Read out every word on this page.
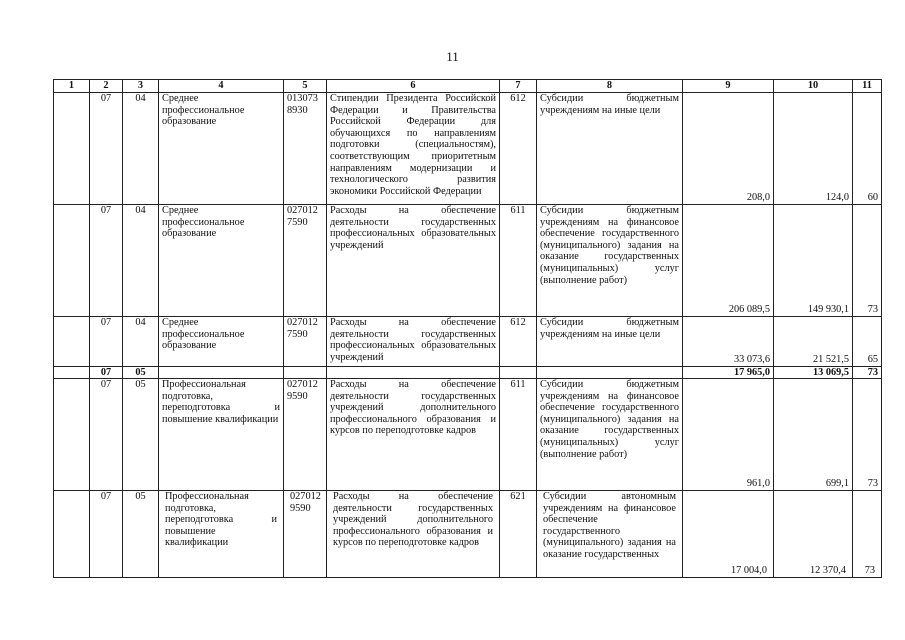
11
1	2	3	4	5	6	7	8	9	10	11
	07	04	Среднее профессиональное образование	013073 8930	Стипендии Президента Российской Федерации и Правительства Российской Федерации для обучающихся по направлениям подготовки (специальностям), соответствующим приоритетным направлениям модернизации и технологического развития экономики Российской Федерации	612	Субсидии бюджетным учреждениям на иные цели	208,0	124,0	60
	07	04	Среднее профессиональное образование	027012 7590	Расходы на обеспечение деятельности государственных профессиональных образовательных учреждений	611	Субсидии бюджетным учреждениям на финансовое обеспечение государственного (муниципального) задания на оказание государственных (муниципальных) услуг (выполнение работ)	206 089,5	149 930,1	73
	07	04	Среднее профессиональное образование	027012 7590	Расходы на обеспечение деятельности государственных профессиональных образовательных учреждений	612	Субсидии бюджетным учреждениям на иные цели	33 073,6	21 521,5	65
	07	05						17 965,0	13 069,5	73
	07	05	Профессиональная подготовка, переподготовка и повышение квалификации	027012 9590	Расходы на обеспечение деятельности государственных учреждений дополнительного профессионального образования и курсов по переподготовке кадров	611	Субсидии бюджетным учреждениям на финансовое обеспечение государственного (муниципального) задания на оказание государственных (муниципальных) услуг (выполнение работ)	961,0	699,1	73

	07	05	Профессиональная подготовка, переподготовка и повышение квалификации	027012 9590	Расходы на обеспечение деятельности государственных учреждений дополнительного профессионального образования и курсов по переподготовке кадров	621	Субсидии автономным учреждениям на финансовое обеспечение государственного (муниципального) задания на оказание государственных	17 004,0	12 370,4	73
